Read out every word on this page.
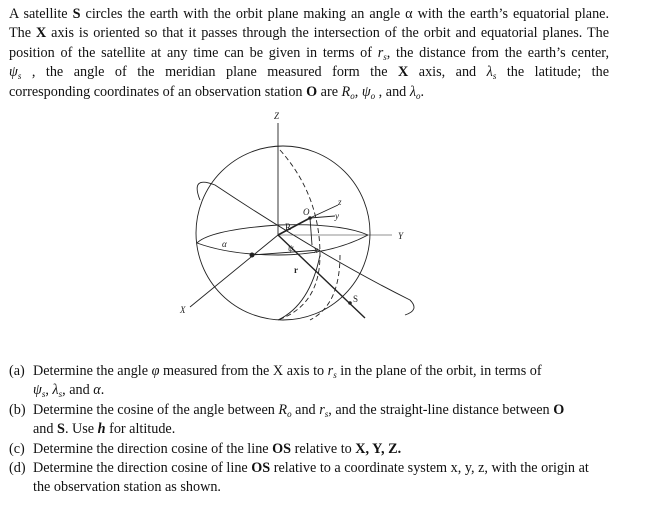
A satellite S circles the earth with the orbit plane making an angle α with the earth’s equatorial plane.
The X axis is oriented so that it passes through the intersection of the orbit and equatorial planes. The
position of the satellite at any time can be given in terms of $r_s$, the distance from the earth’s center,
$\psi_s$ , the angle of the meridian plane measured form the X axis, and $\lambda_s$ the latitude; the
corresponding coordinates of an observation station O are $R_o$, $\psi_o$ , and $\lambda_o$.
Z
Y
X
O
R
z
y
x
S
α	ψ
r
(a) Determine the angle φ measured from the X axis to $r_s$ in the plane of the orbit, in terms of
$\psi_s$, $\lambda_s$, and α.
(b) Determine the cosine of the angle between $R_o$ and $r_s$, and the straight-line distance between O
and S. Use h for altitude.
(c) Determine the direction cosine of the line OS relative to X, Y, Z.
(d) Determine the direction cosine of line OS relative to a coordinate system x, y, z, with the origin at
the observation station as shown.
